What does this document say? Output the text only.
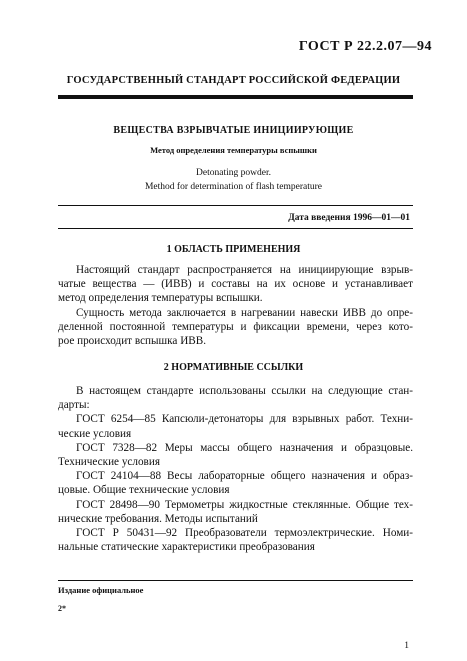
ГОСТ Р 22.2.07—94
ГОСУДАРСТВЕННЫЙ СТАНДАРТ РОССИЙСКОЙ ФЕДЕРАЦИИ
ВЕЩЕСТВА ВЗРЫВЧАТЫЕ ИНИЦИИРУЮЩИЕ
Метод определения температуры вспышки
Detonating powder.
Method for determination of flash temperature
Дата введения 1996—01—01
1 ОБЛАСТЬ ПРИМЕНЕНИЯ
Настоящий стандарт распространяется на инициирующие взрыв-
чатые вещества — (ИВВ) и составы на их основе и устанавливает
метод определения температуры вспышки.
Сущность метода заключается в нагревании навески ИВВ до опре-
деленной постоянной температуры и фиксации времени, через кото-
рое происходит вспышка ИВВ.
2 НОРМАТИВНЫЕ ССЫЛКИ
В настоящем стандарте использованы ссылки на следующие стан-
дарты:
ГОСТ 6254—85 Капсюли-детонаторы для взрывных работ. Техни-
ческие условия
ГОСТ 7328—82 Меры массы общего назначения и образцовые.
Технические условия
ГОСТ 24104—88 Весы лабораторные общего назначения и образ-
цовые. Общие технические условия
ГОСТ 28498—90 Термометры жидкостные стеклянные. Общие тех-
нические требования. Методы испытаний
ГОСТ Р 50431—92 Преобразователи термоэлектрические. Номи-
нальные статические характеристики преобразования
Издание официальное
2*
1
